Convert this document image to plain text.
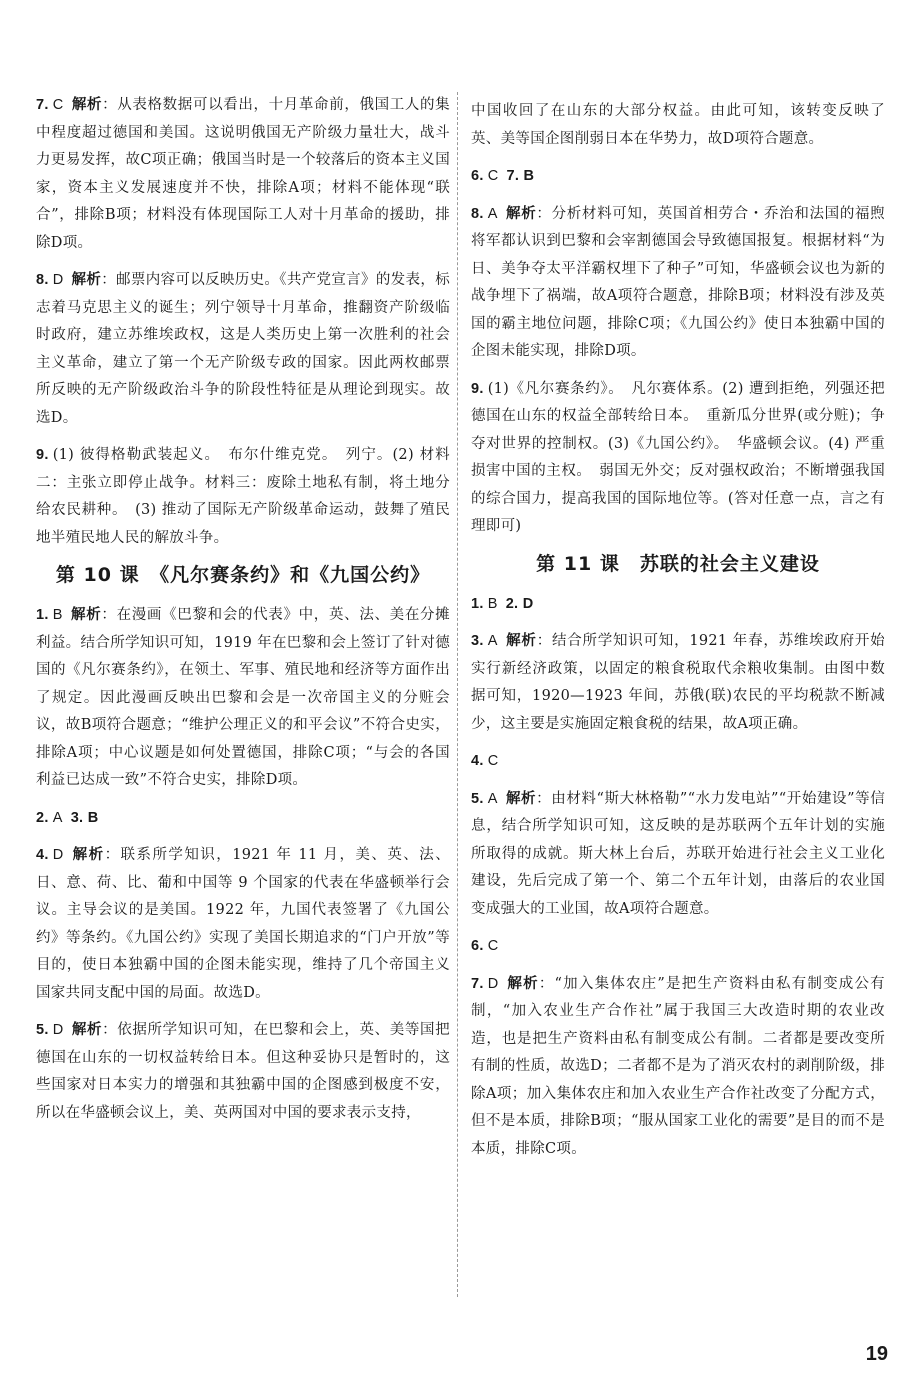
7. C 解析 ： 从表格数据可以看出，十月革命前，俄国工人的集中程度超过德国和美国。这说明俄国无产阶级力量壮大，战斗力更易发挥，故C项正确；俄国当时是一个较落后的资本主义国家，资本主义发展速度并不快，排除A项；材料不能体现“联合”，排除B项；材料没有体现国际工人对十月革命的援助，排除D项。

8. D 解析 ： 邮票内容可以反映历史。《共产党宣言》的发表，标志着马克思主义的诞生；列宁领导十月革命，推翻资产阶级临时政府，建立苏维埃政权，这是人类历史上第一次胜利的社会主义革命，建立了第一个无产阶级专政的国家。因此两枚邮票所反映的无产阶级政治斗争的阶段性特征是从理论到现实。故选D。

9. (1) 彼得格勒武装起义。　布尔什维克党。　列宁。(2) 材料二：主张立即停止战争。材料三：废除土地私有制，将土地分给农民耕种。　(3) 推动了国际无产阶级革命运动，鼓舞了殖民地半殖民地人民的解放斗争。

第 10 课　《凡尔赛条约》和《九国公约》

1. B 解析 ： 在漫画《巴黎和会的代表》中，英、法、美在分摊利益。结合所学知识可知，1919 年在巴黎和会上签订了针对德国的《凡尔赛条约》，在领土、军事、殖民地和经济等方面作出了规定。因此漫画反映出巴黎和会是一次帝国主义的分赃会议，故B项符合题意；“维护公理正义的和平会议”不符合史实，排除A项；中心议题是如何处置德国，排除C项；“与会的各国利益已达成一致”不符合史实，排除D项。

2. A 3. B

4. D 解析 ： 联系所学知识，1921 年 11 月，美、英、法、日、意、荷、比、葡和中国等 9 个国家的代表在华盛顿举行会议。主导会议的是美国。1922 年，九国代表签署了《九国公约》等条约。《九国公约》实现了美国长期追求的“门户开放”等目的，使日本独霸中国的企图未能实现，维持了几个帝国主义国家共同支配中国的局面。故选D。

5. D 解析 ： 依据所学知识可知，在巴黎和会上，英、美等国把德国在山东的一切权益转给日本。但这种妥协只是暂时的，这些国家对日本实力的增强和其独霸中国的企图感到极度不安，所以在华盛顿会议上，美、英两国对中国的要求表示支持，

中国收回了在山东的大部分权益。由此可知，该转变反映了英、美等国企图削弱日本在华势力，故D项符合题意。

6. C 7. B

8. A 解析 ： 分析材料可知，英国首相劳合・乔治和法国的福煦将军都认识到巴黎和会宰割德国会导致德国报复。根据材料“为日、美争夺太平洋霸权埋下了种子”可知，华盛顿会议也为新的战争埋下了祸端，故A项符合题意，排除B项；材料没有涉及英国的霸主地位问题，排除C项；《九国公约》使日本独霸中国的企图未能实现，排除D项。

9. (1)《凡尔赛条约》。　凡尔赛体系。(2) 遭到拒绝，列强还把德国在山东的权益全部转给日本。　重新瓜分世界(或分赃)；争夺对世界的控制权。(3)《九国公约》。　华盛顿会议。(4) 严重损害中国的主权。　弱国无外交；反对强权政治；不断增强我国的综合国力，提高我国的国际地位等。(答对任意一点，言之有理即可)

第 11 课　苏联的社会主义建设

1. B 2. D

3. A 解析 ： 结合所学知识可知，1921 年春，苏维埃政府开始实行新经济政策，以固定的粮食税取代余粮收集制。由图中数据可知，1920—1923 年间，苏俄(联)农民的平均税款不断减少，这主要是实施固定粮食税的结果，故A项正确。

4. C

5. A 解析 ： 由材料“斯大林格勒”“水力发电站”“开始建设”等信息，结合所学知识可知，这反映的是苏联两个五年计划的实施所取得的成就。斯大林上台后，苏联开始进行社会主义工业化建设，先后完成了第一个、第二个五年计划，由落后的农业国变成强大的工业国，故A项符合题意。

6. C

7. D 解析 ： “加入集体农庄”是把生产资料由私有制变成公有制，“加入农业生产合作社”属于我国三大改造时期的农业改造，也是把生产资料由私有制变成公有制。二者都是要改变所有制的性质，故选D；二者都不是为了消灭农村的剥削阶级，排除A项；加入集体农庄和加入农业生产合作社改变了分配方式，但不是本质，排除B项；“服从国家工业化的需要”是目的而不是本质，排除C项。

19
